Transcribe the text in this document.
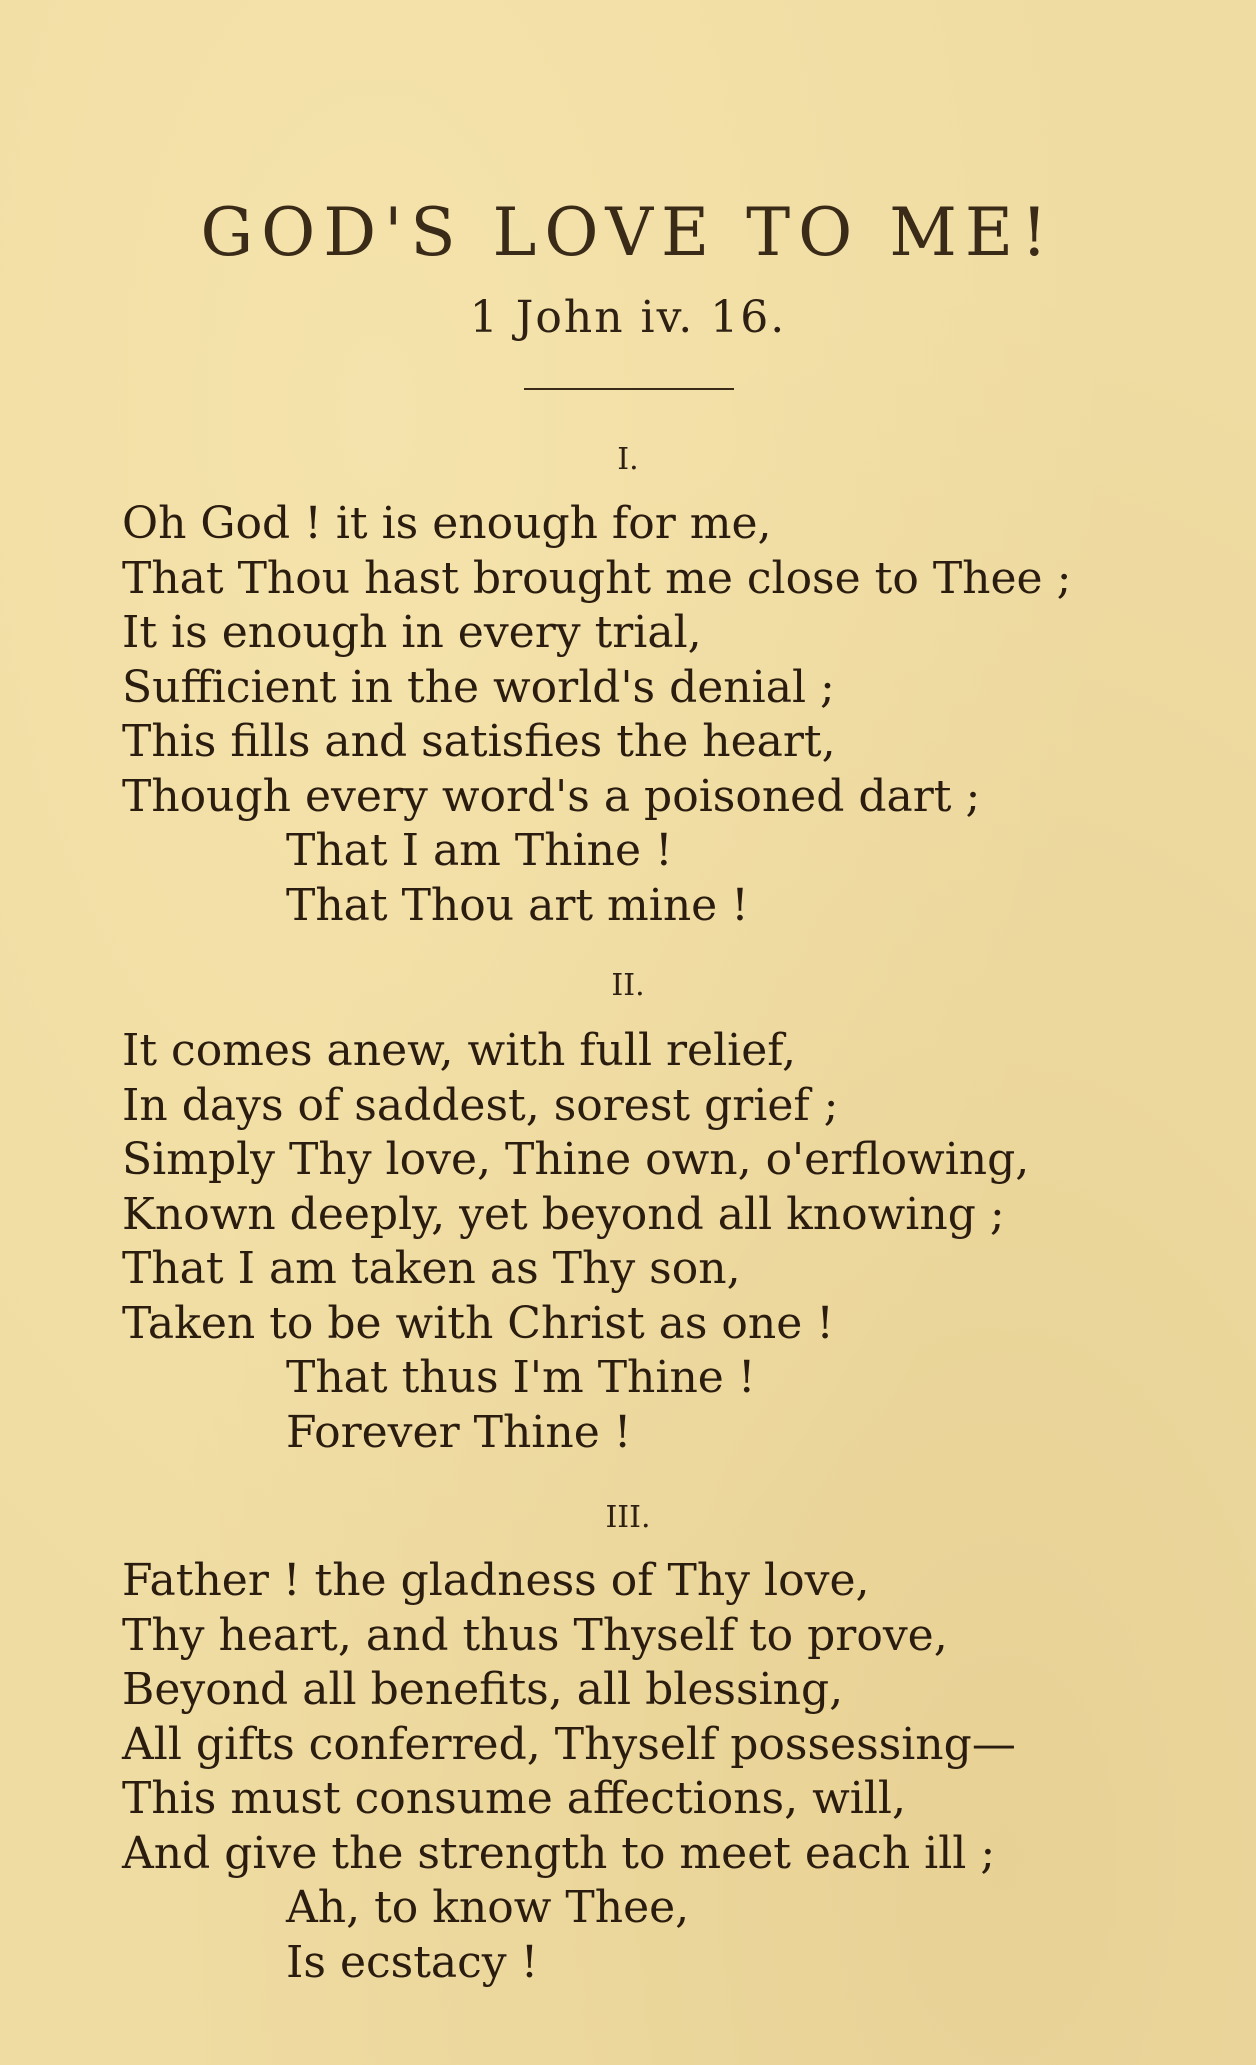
GOD'S LOVE TO ME!
1 John iv. 16.
I.
Oh God ! it is enough for me,
That Thou hast brought me close to Thee ;
It is enough in every trial,
Sufficient in the world's denial ;
This fills and satisfies the heart,
Though every word's a poisoned dart ;
That I am Thine !
That Thou art mine !
II.
It comes anew, with full relief,
In days of saddest, sorest grief ;
Simply Thy love, Thine own, o'erflowing,
Known deeply, yet beyond all knowing ;
That I am taken as Thy son,
Taken to be with Christ as one !
That thus I'm Thine !
Forever Thine !
III.
Father ! the gladness of Thy love,
Thy heart, and thus Thyself to prove,
Beyond all benefits, all blessing,
All gifts conferred, Thyself possessing—
This must consume affections, will,
And give the strength to meet each ill ;
Ah, to know Thee,
Is ecstacy !
